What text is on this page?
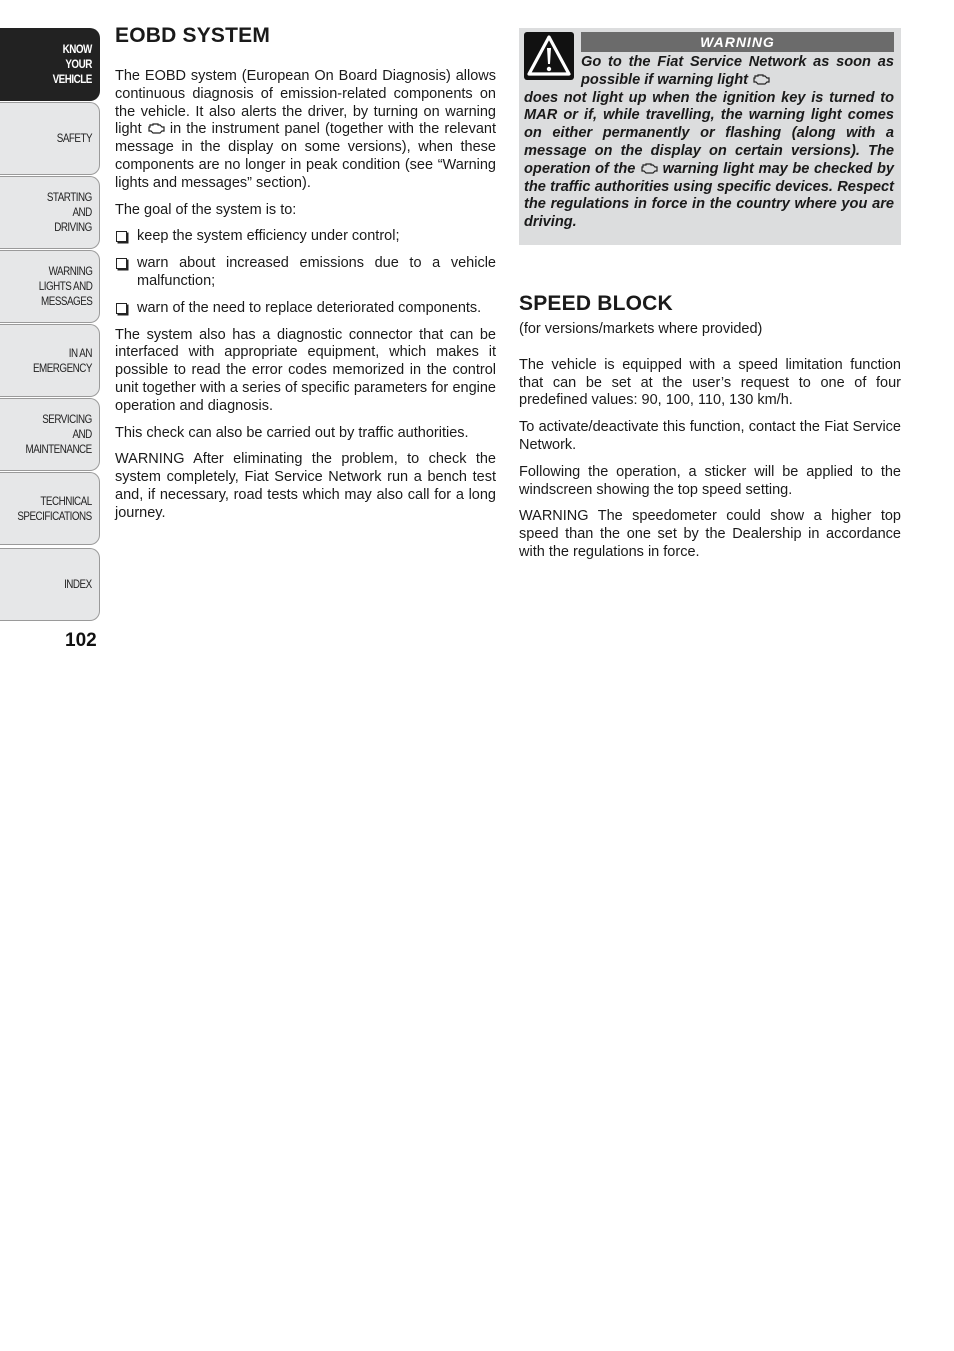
KNOW
YOUR
VEHICLE
SAFETY
STARTING
AND
DRIVING
WARNING
LIGHTS AND
MESSAGES
IN AN
EMERGENCY
SERVICING
AND
MAINTENANCE
TECHNICAL
SPECIFICATIONS
INDEX
102
EOBD SYSTEM

The EOBD system (European On Board Diagnosis) allows continuous diagnosis of emission-related components on the vehicle. It also alerts the driver, by turning on warning light in the instrument panel (together with the relevant message in the display on some versions), when these components are no longer in peak condition (see “Warning lights and messages” section).

The goal of the system is to:

keep the system efficiency under control;
warn about increased emissions due to a vehicle malfunction;
warn of the need to replace deteriorated components.

The system also has a diagnostic connector that can be interfaced with appropriate equipment, which makes it possible to read the error codes memorized in the control unit together with a series of specific parameters for engine operation and diagnosis.

This check can also be carried out by traffic authorities.

WARNING After eliminating the problem, to check the system completely, Fiat Service Network run a bench test and, if necessary, road tests which may also call for a long journey.

WARNING
Go to the Fiat Service Network as soon as possible if warning light
does not light up when the ignition key is turned to MAR or if, while travelling, the warning light comes on either permanently or flashing (along with a message on the display on certain versions). The operation of the warning light may be checked by the traffic authorities using specific devices. Respect the regulations in force in the country where you are driving.
SPEED BLOCK

(for versions/markets where provided)

The vehicle is equipped with a speed limitation function that can be set at the user’s request to one of four predefined values: 90, 100, 110, 130 km/h.

To activate/deactivate this function, contact the Fiat Service Network.

Following the operation, a sticker will be applied to the windscreen showing the top speed setting.

WARNING The speedometer could show a higher top speed than the one set by the Dealership in accordance with the regulations in force.
